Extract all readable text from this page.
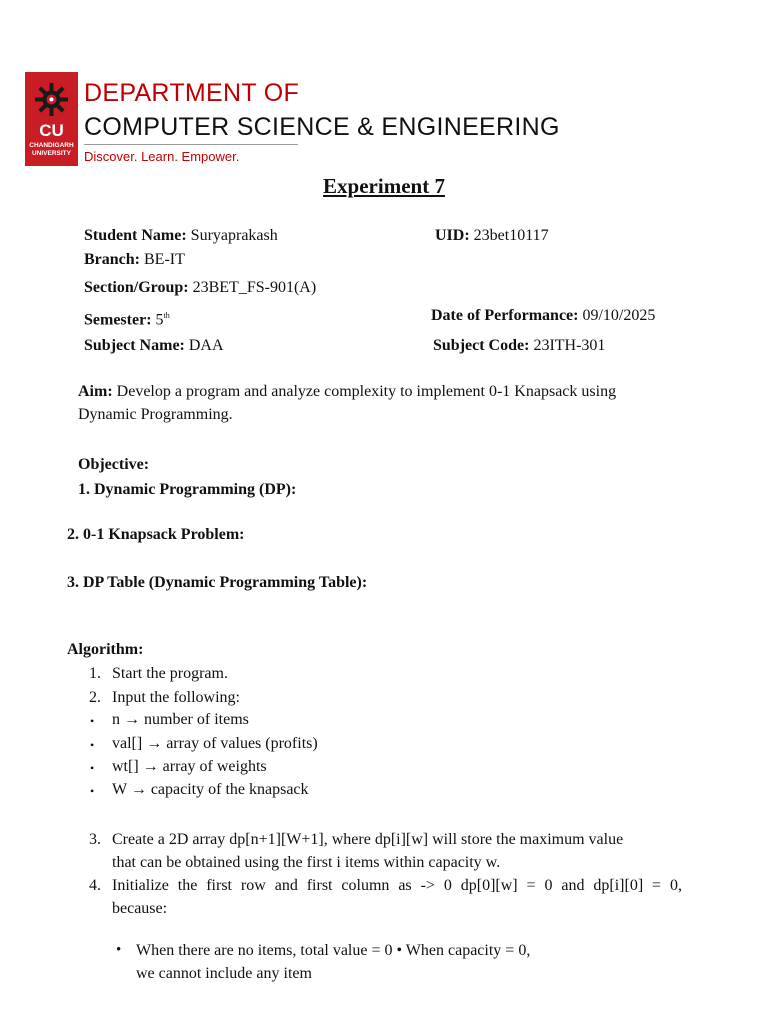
CU
CHANDIGARH UNIVERSITY
DEPARTMENT OF
COMPUTER SCIENCE & ENGINEERING
Discover. Learn. Empower.
Experiment 7
Student Name: Suryaprakash	UID: 23bet10117
Branch: BE-IT
Section/Group: 23BET_FS-901(A)
Semester: 5th	Date of Performance: 09/10/2025
Subject Name: DAA	Subject Code: 23ITH-301
Aim: Develop a program and analyze complexity to implement 0-1 Knapsack using
Dynamic Programming.
Objective:
1. Dynamic Programming (DP):
2. 0-1 Knapsack Problem:
3. DP Table (Dynamic Programming Table):
Algorithm:
1. Start the program.
2. Input the following:
• n → number of items
• val[] → array of values (profits)
• wt[] → array of weights
• W → capacity of the knapsack
3. Create a 2D array dp[n+1][W+1], where dp[i][w] will store the maximum value
that can be obtained using the first i items within capacity w.
4. Initialize the first row and first column as -> 0 dp[0][w] = 0 and dp[i][0] = 0,
because:
• When there are no items, total value = 0 • When capacity = 0,
we cannot include any item
